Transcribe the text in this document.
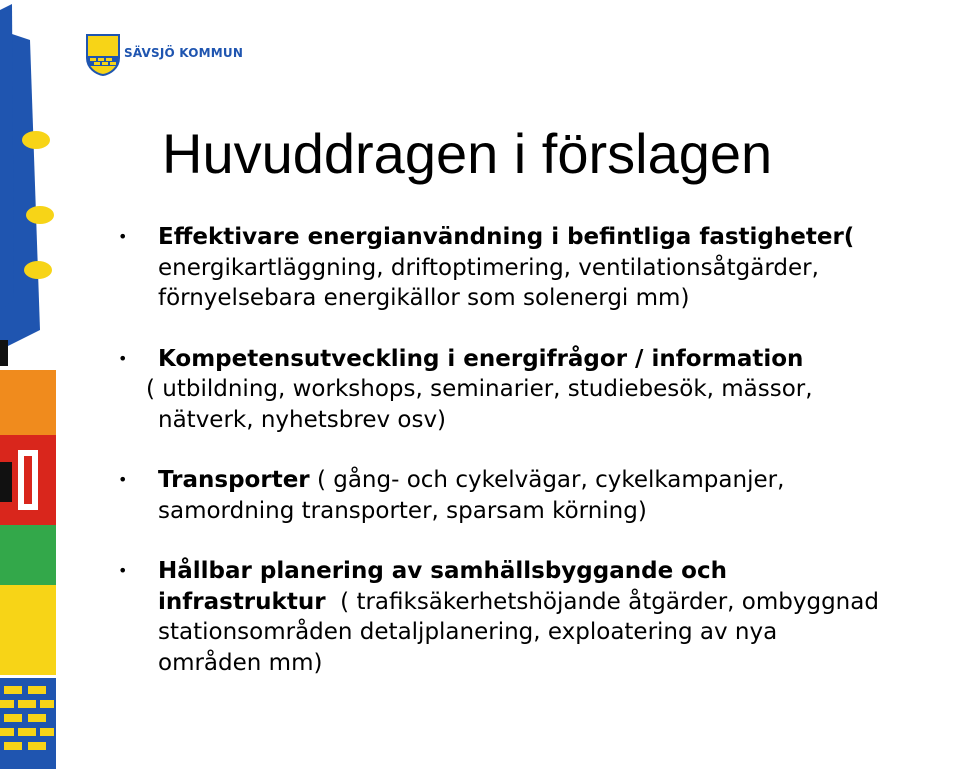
SÄVSJÖ KOMMUN
Huvuddragen i förslagen
• Effektivare energianvändning i befintliga fastigheter(
energikartläggning, driftoptimering, ventilationsåtgärder,
förnyelsebara energikällor som solenergi mm)
• Kompetensutveckling i energifrågor / information
( utbildning, workshops, seminarier, studiebesök, mässor,
nätverk, nyhetsbrev osv)
• Transporter ( gång- och cykelvägar, cykelkampanjer,
samordning transporter, sparsam körning)
• Hållbar planering av samhällsbyggande och
infrastruktur  ( trafiksäkerhetshöjande åtgärder, ombyggnad
stationsområden detaljplanering, exploatering av nya
områden mm)
